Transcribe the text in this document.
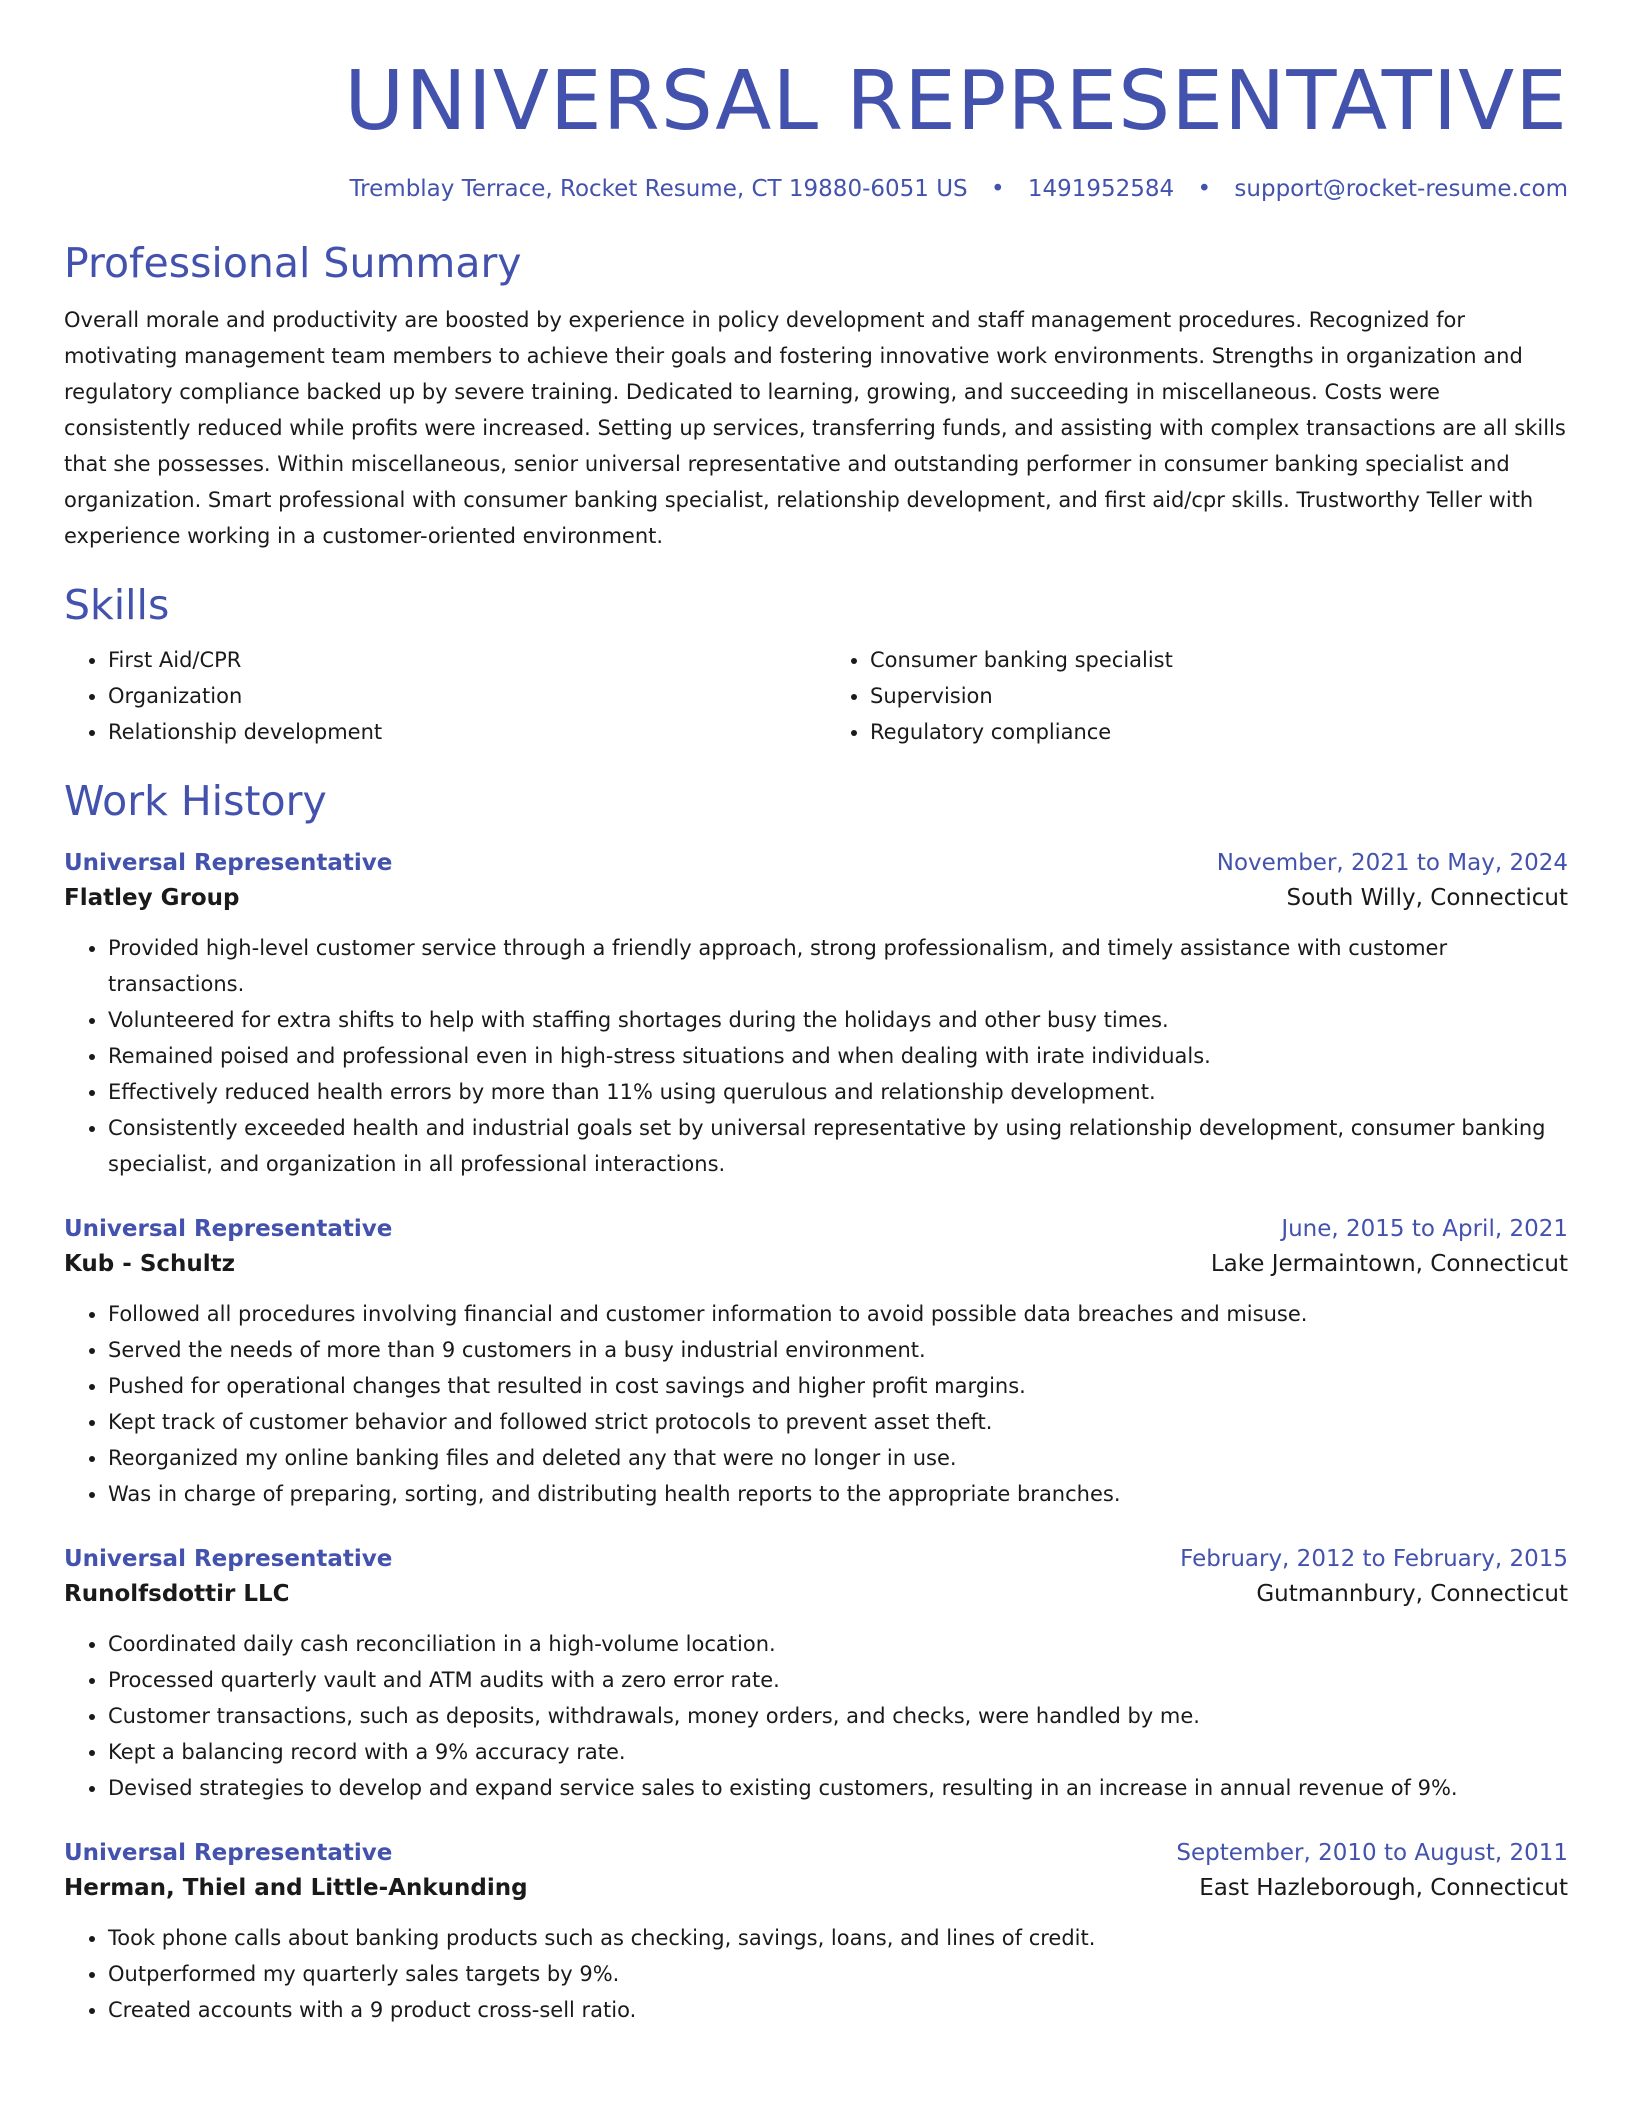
UNIVERSAL REPRESENTATIVE
Tremblay Terrace, Rocket Resume, CT 19880-6051 US • 1491952584 • support@rocket-resume.com
Professional Summary
Overall morale and productivity are boosted by experience in policy development and staff management procedures. Recognized for motivating management team members to achieve their goals and fostering innovative work environments. Strengths in organization and regulatory compliance backed up by severe training. Dedicated to learning, growing, and succeeding in miscellaneous. Costs were consistently reduced while profits were increased. Setting up services, transferring funds, and assisting with complex transactions are all skills that she possesses. Within miscellaneous, senior universal representative and outstanding performer in consumer banking specialist and organization. Smart professional with consumer banking specialist, relationship development, and first aid/cpr skills. Trustworthy Teller with experience working in a customer-oriented environment.
Skills
• First Aid/CPR
• Organization
• Relationship development
• Consumer banking specialist
• Supervision
• Regulatory compliance
Work History
Universal Representative	November, 2021 to May, 2024
Flatley Group	South Willy, Connecticut
• Provided high-level customer service through a friendly approach, strong professionalism, and timely assistance with customer transactions.
• Volunteered for extra shifts to help with staffing shortages during the holidays and other busy times.
• Remained poised and professional even in high-stress situations and when dealing with irate individuals.
• Effectively reduced health errors by more than 11% using querulous and relationship development.
• Consistently exceeded health and industrial goals set by universal representative by using relationship development, consumer banking specialist, and organization in all professional interactions.
Universal Representative	June, 2015 to April, 2021
Kub - Schultz	Lake Jermaintown, Connecticut
• Followed all procedures involving financial and customer information to avoid possible data breaches and misuse.
• Served the needs of more than 9 customers in a busy industrial environment.
• Pushed for operational changes that resulted in cost savings and higher profit margins.
• Kept track of customer behavior and followed strict protocols to prevent asset theft.
• Reorganized my online banking files and deleted any that were no longer in use.
• Was in charge of preparing, sorting, and distributing health reports to the appropriate branches.
Universal Representative	February, 2012 to February, 2015
Runolfsdottir LLC	Gutmannbury, Connecticut
• Coordinated daily cash reconciliation in a high-volume location.
• Processed quarterly vault and ATM audits with a zero error rate.
• Customer transactions, such as deposits, withdrawals, money orders, and checks, were handled by me.
• Kept a balancing record with a 9% accuracy rate.
• Devised strategies to develop and expand service sales to existing customers, resulting in an increase in annual revenue of 9%.
Universal Representative	September, 2010 to August, 2011
Herman, Thiel and Little-Ankunding	East Hazleborough, Connecticut
• Took phone calls about banking products such as checking, savings, loans, and lines of credit.
• Outperformed my quarterly sales targets by 9%.
• Created accounts with a 9 product cross-sell ratio.
